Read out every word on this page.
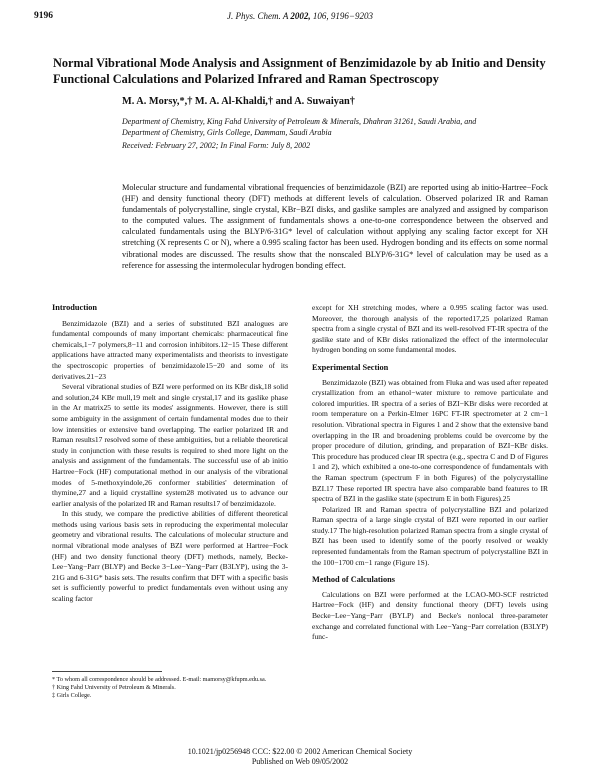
9196	J. Phys. Chem. A 2002, 106, 9196−9203
Normal Vibrational Mode Analysis and Assignment of Benzimidazole by ab Initio and Density Functional Calculations and Polarized Infrared and Raman Spectroscopy
M. A. Morsy,*,† M. A. Al-Khaldi,† and A. Suwaiyan†
Department of Chemistry, King Fahd University of Petroleum & Minerals, Dhahran 31261, Saudi Arabia, and
Department of Chemistry, Girls College, Dammam, Saudi Arabia
Received: February 27, 2002; In Final Form: July 8, 2002
Molecular structure and fundamental vibrational frequencies of benzimidazole (BZI) are reported using ab initio-Hartree−Fock (HF) and density functional theory (DFT) methods at different levels of calculation. Observed polarized IR and Raman fundamentals of polycrystalline, single crystal, KBr−BZI disks, and gaslike samples are analyzed and assigned by comparison to the computed values. The assignment of fundamentals shows a one-to-one correspondence between the observed and calculated fundamentals using the BLYP/6-31G* level of calculation without applying any scaling factor except for XH stretching (X represents C or N), where a 0.995 scaling factor has been used. Hydrogen bonding and its effects on some normal vibrational modes are discussed. The results show that the nonscaled BLYP/6-31G* level of calculation may be used as a reference for assessing the intermolecular hydrogen bonding effect.

Introduction

Benzimidazole (BZI) and a series of substituted BZI analogues are fundamental compounds of many important chemicals: pharmaceutical fine chemicals,1−7 polymers,8−11 and corrosion inhibitors.12−15 These different applications have attracted many experimentalists and theorists to investigate the spectroscopic properties of benzimidazole15−20 and some of its derivatives.21−23

Several vibrational studies of BZI were performed on its KBr disk,18 solid and solution,24 KBr mull,19 melt and single crystal,17 and its gaslike phase in the Ar matrix25 to settle its modes' assignments. However, there is still some ambiguity in the assignment of certain fundamental modes due to their low intensities or extensive band overlapping. The earlier polarized IR and Raman results17 resolved some of these ambiguities, but a reliable theoretical study in conjunction with these results is required to shed more light on the analysis and assignment of the fundamentals. The successful use of ab initio Hartree−Fock (HF) computational method in our analysis of the vibrational modes of 5-methoxyindole,26 conformer stabilities' determination of thymine,27 and a liquid crystalline system28 motivated us to advance our earlier analysis of the polarized IR and Raman results17 of benzimidazole.

In this study, we compare the predictive abilities of different theoretical methods using various basis sets in reproducing the experimental molecular geometry and vibrational results. The calculations of molecular structure and normal vibrational mode analyses of BZI were performed at Hartree−Fock (HF) and two density functional theory (DFT) methods, namely, Becke-Lee−Yang−Parr (BLYP) and Becke 3−Lee−Yang−Parr (B3LYP), using the 3-21G and 6-31G* basis sets. The results confirm that DFT with a specific basis set is sufficiently powerful to predict fundamentals even without using any scaling factor

* To whom all correspondence should be addressed. E-mail: mamorsy@kfupm.edu.sa.
† King Fahd University of Petroleum & Minerals.
‡ Girls College.

except for XH stretching modes, where a 0.995 scaling factor was used. Moreover, the thorough analysis of the reported17,25 polarized Raman spectra from a single crystal of BZI and its well-resolved FT-IR spectra of the gaslike state and of KBr disks rationalized the effect of the intermolecular hydrogen bonding on some fundamental modes.

Experimental Section

Benzimidazole (BZI) was obtained from Fluka and was used after repeated crystallization from an ethanol−water mixture to remove particulate and colored impurities. IR spectra of a series of BZI−KBr disks were recorded at room temperature on a Perkin-Elmer 16PC FT-IR spectrometer at 2 cm−1 resolution. Vibrational spectra in Figures 1 and 2 show that the extensive band overlapping in the IR and broadening problems could be overcome by the proper procedure of dilution, grinding, and preparation of BZI−KBr disks. This procedure has produced clear IR spectra (e.g., spectra C and D of Figures 1 and 2), which exhibited a one-to-one correspondence of fundamentals with the Raman spectrum (spectrum F in both Figures) of the polycrystalline BZI.17 These reported IR spectra have also comparable band features to IR spectra of BZI in the gaslike state (spectrum E in both Figures).25

Polarized IR and Raman spectra of polycrystalline BZI and polarized Raman spectra of a large single crystal of BZI were reported in our earlier study.17 The high-resolution polarized Raman spectra from a single crystal of BZI has been used to identify some of the poorly resolved or weakly represented fundamentals from the Raman spectrum of polycrystalline BZI in the 100−1700 cm−1 range (Figure 1S).

Method of Calculations

Calculations on BZI were performed at the LCAO-MO-SCF restricted Hartree−Fock (HF) and density functional theory (DFT) levels using Becke−Lee−Yang−Parr (BYLP) and Becke's nonlocal three-parameter exchange and correlated functional with Lee−Yang−Parr correlation (B3LYP) func-

10.1021/jp0256948 CCC: $22.00 © 2002 American Chemical Society
Published on Web 09/05/2002
